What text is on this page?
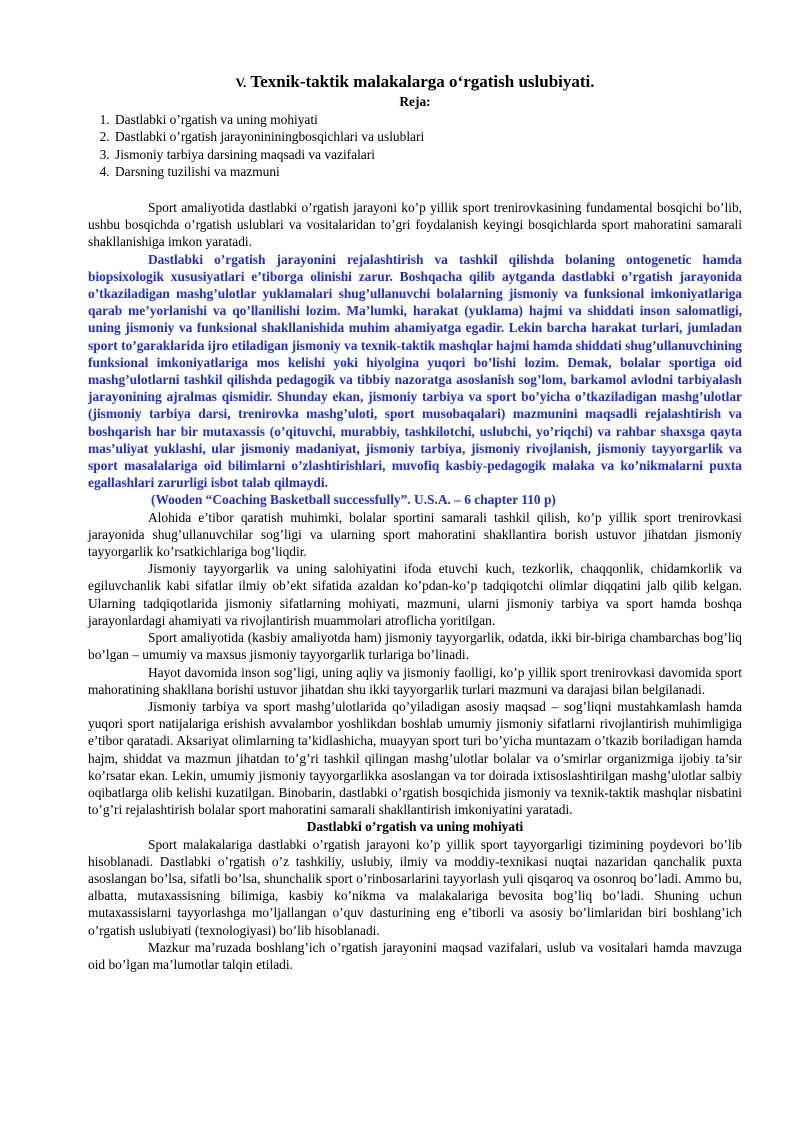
V. Texnik-taktik malakalarga o‘rgatish uslubiyati.
Reja:
1. Dastlabki o’rgatish va uning mohiyati
2. Dastlabki o’rgatish jarayonininingbosqichlari va uslublari
3. Jismoniy tarbiya darsining maqsadi va vazifalari
4. Darsning tuzilishi va mazmuni

Sport amaliyotida dastlabki o’rgatish jarayoni ko’p yillik sport trenirovkasining fundamental bosqichi bo’lib, ushbu bosqichda o’rgatish uslublari va vositalaridan to’gri foydalanish keyingi bosqichlarda sport mahoratini samarali shakllanishiga imkon yaratadi.

Dastlabki o’rgatish jarayonini rejalashtirish va tashkil qilishda bolaning ontogenetic hamda biopsixologik xususiyatlari e’tiborga olinishi zarur. Boshqacha qilib aytganda dastlabki o’rgatish jarayonida o’tkaziladigan mashg’ulotlar yuklamalari shug’ullanuvchi bolalarning jismoniy va funksional imkoniyatlariga qarab me’yorlanishi va qo’llanilishi lozim. Ma’lumki, harakat (yuklama) hajmi va shiddati inson salomatligi, uning jismoniy va funksional shakllanishida muhim ahamiyatga egadir. Lekin barcha harakat turlari, jumladan sport to’garaklarida ijro etiladigan jismoniy va texnik-taktik mashqlar hajmi hamda shiddati shug’ullanuvchining funksional imkoniyatlariga mos kelishi yoki hiyolgina yuqori bo’lishi lozim. Demak, bolalar sportiga oid mashg’ulotlarni tashkil qilishda pedagogik va tibbiy nazoratga asoslanish sog’lom, barkamol avlodni tarbiyalash jarayonining ajralmas qismidir. Shunday ekan, jismoniy tarbiya va sport bo’yicha o’tkaziladigan mashg’ulotlar (jismoniy tarbiya darsi, trenirovka mashg’uloti, sport musobaqalari) mazmunini maqsadli rejalashtirish va boshqarish har bir mutaxassis (o’qituvchi, murabbiy, tashkilotchi, uslubchi, yo’riqchi) va rahbar shaxsga qayta mas’uliyat yuklashi, ular jismoniy madaniyat, jismoniy tarbiya, jismoniy rivojlanish, jismoniy tayyorgarlik va sport masalalariga oid bilimlarni o’zlashtirishlari, muvofiq kasbiy-pedagogik malaka va ko’nikmalarni puxta egallashlari zarurligi isbot talab qilmaydi.

(Wooden “Coaching Basketball successfully”. U.S.A. – 6 chapter 110 p)

Alohida e’tibor qaratish muhimki, bolalar sportini samarali tashkil qilish, ko’p yillik sport trenirovkasi jarayonida shug’ullanuvchilar sog’ligi va ularning sport mahoratini shakllantira borish ustuvor jihatdan jismoniy tayyorgarlik ko’rsatkichlariga bog’liqdir.

Jismoniy tayyorgarlik va uning salohiyatini ifoda etuvchi kuch, tezkorlik, chaqqonlik, chidamkorlik va egiluvchanlik kabi sifatlar ilmiy ob’ekt sifatida azaldan ko’pdan-ko’p tadqiqotchi olimlar diqqatini jalb qilib kelgan. Ularning tadqiqotlarida jismoniy sifatlarning mohiyati, mazmuni, ularni jismoniy tarbiya va sport hamda boshqa jarayonlardagi ahamiyati va rivojlantirish muammolari atroflicha yoritilgan.

Sport amaliyotida (kasbiy amaliyotda ham) jismoniy tayyorgarlik, odatda, ikki bir-biriga chambarchas bog’liq bo’lgan – umumiy va maxsus jismoniy tayyorgarlik turlariga bo’linadi.

Hayot davomida inson sog’ligi, uning aqliy va jismoniy faolligi, ko’p yillik sport trenirovkasi davomida sport mahoratining shakllana borishi ustuvor jihatdan shu ikki tayyorgarlik turlari mazmuni va darajasi bilan belgilanadi.

Jismoniy tarbiya va sport mashg’ulotlarida qo’yiladigan asosiy maqsad – sog’liqni mustahkamlash hamda yuqori sport natijalariga erishish avvalambor yoshlikdan boshlab umumiy jismoniy sifatlarni rivojlantirish muhimligiga e’tibor qaratadi. Aksariyat olimlarning ta’kidlashicha, muayyan sport turi bo’yicha muntazam o’tkazib boriladigan hamda hajm, shiddat va mazmun jihatdan to’g’ri tashkil qilingan mashg’ulotlar bolalar va o’smirlar organizmiga ijobiy ta’sir ko’rsatar ekan. Lekin, umumiy jismoniy tayyorgarlikka asoslangan va tor doirada ixtisoslashtirilgan mashg’ulotlar salbiy oqibatlarga olib kelishi kuzatilgan. Binobarin, dastlabki o’rgatish bosqichida jismoniy va texnik-taktik mashqlar nisbatini to’g’ri rejalashtirish bolalar sport mahoratini samarali shakllantirish imkoniyatini yaratadi.

Dastlabki o’rgatish va uning mohiyati

Sport malakalariga dastlabki o’rgatish jarayoni ko’p yillik sport tayyorgarligi tizimining poydevori bo’lib hisoblanadi. Dastlabki o’rgatish o’z tashkiliy, uslubiy, ilmiy va moddiy-texnikasi nuqtai nazaridan qanchalik puxta asoslangan bo’lsa, sifatli bo’lsa, shunchalik sport o’rinbosarlarini tayyorlash yuli qisqaroq va osonroq bo’ladi. Ammo bu, albatta, mutaxassisning bilimiga, kasbiy ko’nikma va malakalariga bevosita bog’liq bo’ladi. Shuning uchun mutaxassislarni tayyorlashga mo’ljallangan o’quv dasturining eng e’tiborli va asosiy bo’limlaridan biri boshlang’ich o’rgatish uslubiyati (texnologiyasi) bo’lib hisoblanadi.

Mazkur ma’ruzada boshlang’ich o’rgatish jarayonini maqsad vazifalari, uslub va vositalari hamda mavzuga oid bo’lgan ma’lumotlar talqin etiladi.
